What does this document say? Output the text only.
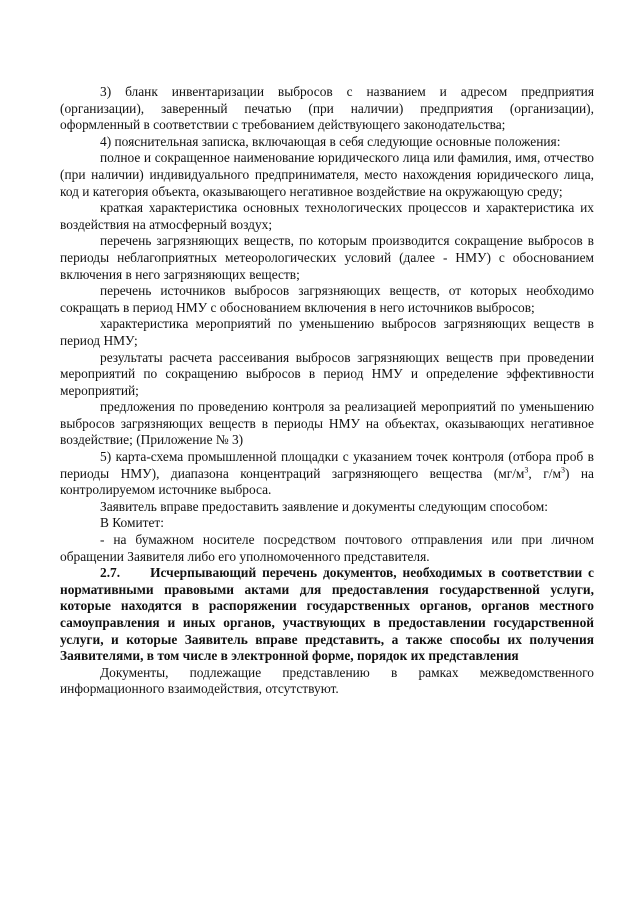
3) бланк инвентаризации выбросов с названием и адресом предприятия (организации), заверенный печатью (при наличии) предприятия (организации), оформленный в соответствии с требованием действующего законодательства;

4) пояснительная записка, включающая в себя следующие основные положения:

полное и сокращенное наименование юридического лица или фамилия, имя, отчество (при наличии) индивидуального предпринимателя, место нахождения юридического лица, код и категория объекта, оказывающего негативное воздействие на окружающую среду;

краткая характеристика основных технологических процессов и характеристика их воздействия на атмосферный воздух;

перечень загрязняющих веществ, по которым производится сокращение выбросов в периоды неблагоприятных метеорологических условий (далее - НМУ) с обоснованием включения в него загрязняющих веществ;

перечень источников выбросов загрязняющих веществ, от которых необходимо сокращать в период НМУ с обоснованием включения в него источников выбросов;

характеристика мероприятий по уменьшению выбросов загрязняющих веществ в период НМУ;

результаты расчета рассеивания выбросов загрязняющих веществ при проведении мероприятий по сокращению выбросов в период НМУ и определение эффективности мероприятий;

предложения по проведению контроля за реализацией мероприятий по уменьшению выбросов загрязняющих веществ в периоды НМУ на объектах, оказывающих негативное воздействие; (Приложение № 3)

5) карта-схема промышленной площадки с указанием точек контроля (отбора проб в периоды НМУ), диапазона концентраций загрязняющего вещества ($мг/м^3$, $г/м^3$) на контролируемом источнике выброса.

Заявитель вправе предоставить заявление и документы следующим способом:

В Комитет:

- на бумажном носителе посредством почтового отправления или при личном обращении Заявителя либо его уполномоченного представителя.

2.7. Исчерпывающий перечень документов, необходимых в соответствии с нормативными правовыми актами для предоставления государственной услуги, которые находятся в распоряжении государственных органов, органов местного самоуправления и иных органов, участвующих в предоставлении государственной услуги, и которые Заявитель вправе представить, а также способы их получения Заявителями, в том числе в электронной форме, порядок их представления

Документы, подлежащие представлению в рамках межведомственного информационного взаимодействия, отсутствуют.
